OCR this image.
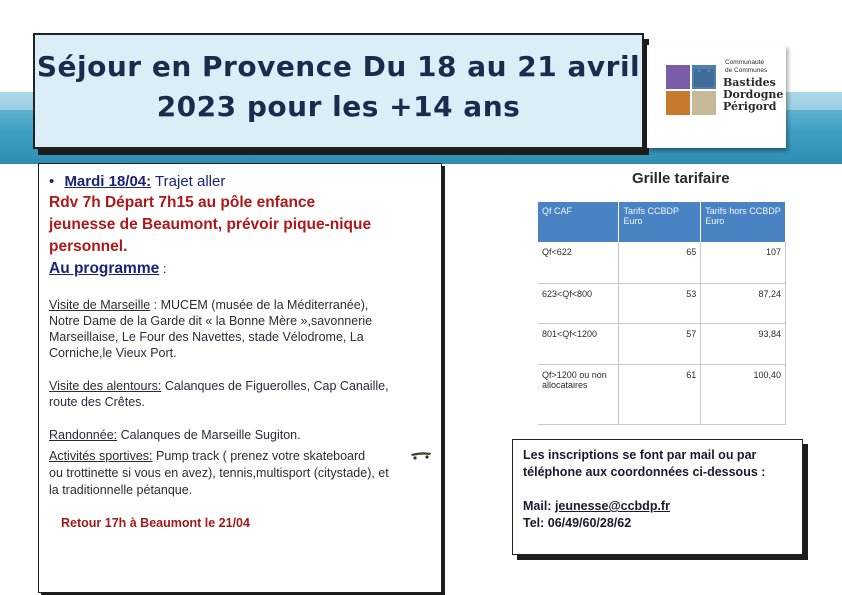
Séjour en Provence Du 18 au 21 avril
2023 pour les +14 ans
Communauté
de Communes
Bastides
Dordogne
Périgord
• Mardi 18/04: Trajet aller
Rdv 7h Départ 7h15 au pôle enfance
jeunesse de Beaumont, prévoir pique-nique
personnel.
Au programme :
Visite de Marseille : MUCEM (musée de la Méditerranée),
Notre Dame de la Garde dit « la Bonne Mère »,savonnerie
Marseillaise, Le Four des Navettes, stade Vélodrome, La
Corniche,le Vieux Port.
Visite des alentours: Calanques de Figuerolles, Cap Canaille,
route des Crêtes.
Randonnée: Calanques de Marseille Sugiton.
Activités sportives: Pump track ( prenez votre skateboard
ou trottinette si vous en avez), tennis,multisport (citystade), et
la traditionnelle pétanque.
Retour 17h à Beaumont le 21/04
Grille tarifaire
Qf CAF	Tarifs CCBDP Euro	Tarifs hors CCBDP Euro
Qf<622	65	107
623<Qf<800	53	87,24
801<Qf<1200	57	93,84
Qf>1200 ou non allocataires	61	100,40
Les inscriptions se font par mail ou par
téléphone aux coordonnées ci-dessous :
Mail: jeunesse@ccbdp.fr
Tel: 06/49/60/28/62
